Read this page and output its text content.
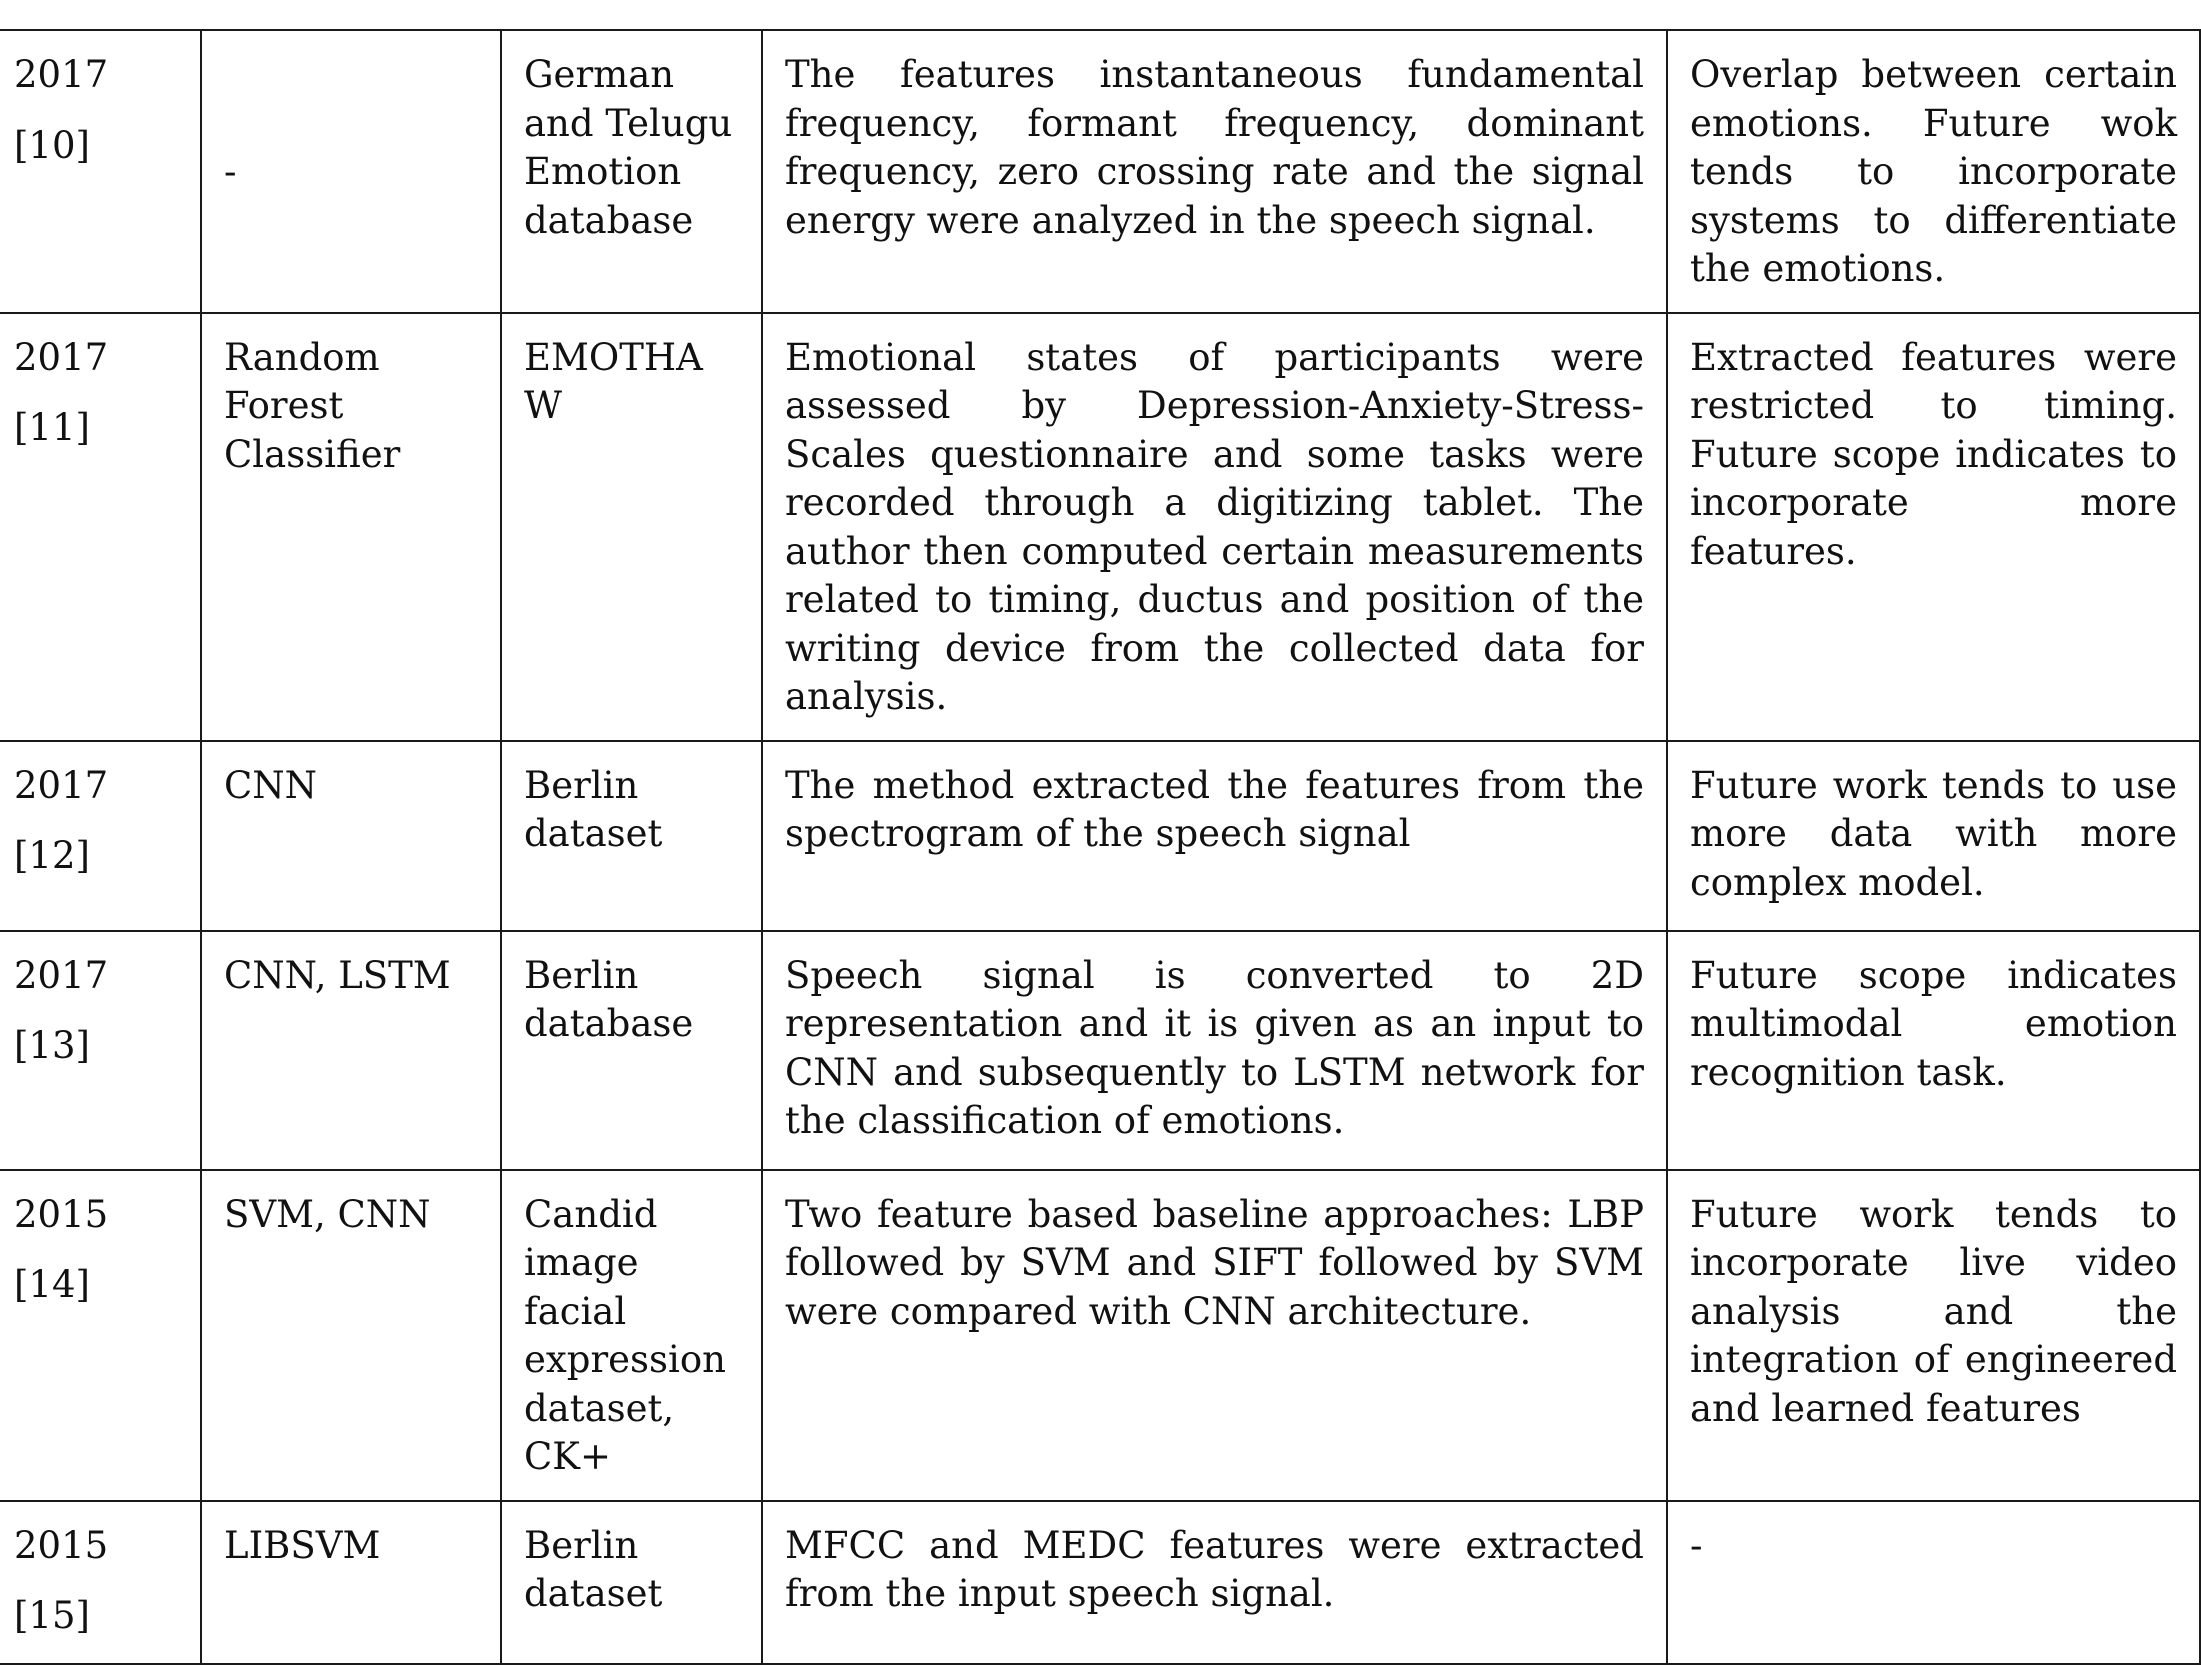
2017
[10]	-	German and Telugu Emotion database	The features instantaneous fundamental frequency, formant frequency, dominant frequency, zero crossing rate and the signal energy were analyzed in the speech signal.	Overlap between certain emotions. Future wok tends to incorporate systems to differentiate the emotions.

2017
[11]	Random Forest Classifier	EMOTHAW	Emotional states of participants were assessed by Depression-Anxiety-Stress-Scales questionnaire and some tasks were recorded through a digitizing tablet. The author then computed certain measurements related to timing, ductus and position of the writing device from the collected data for analysis.	Extracted features were restricted to timing. Future scope indicates to incorporate more features.

2017
[12]	CNN	Berlin dataset	The method extracted the features from the spectrogram of the speech signal	Future work tends to use more data with more complex model.

2017
[13]	CNN, LSTM	Berlin database	Speech signal is converted to 2D representation and it is given as an input to CNN and subsequently to LSTM network for the classification of emotions.	Future scope indicates multimodal emotion recognition task.

2015
[14]	SVM, CNN	Candid image facial expression dataset, CK+	Two feature based baseline approaches: LBP followed by SVM and SIFT followed by SVM were compared with CNN architecture.	Future work tends to incorporate live video analysis and the integration of engineered and learned features

2015
[15]	LIBSVM	Berlin dataset	MFCC and MEDC features were extracted from the input speech signal.	-
